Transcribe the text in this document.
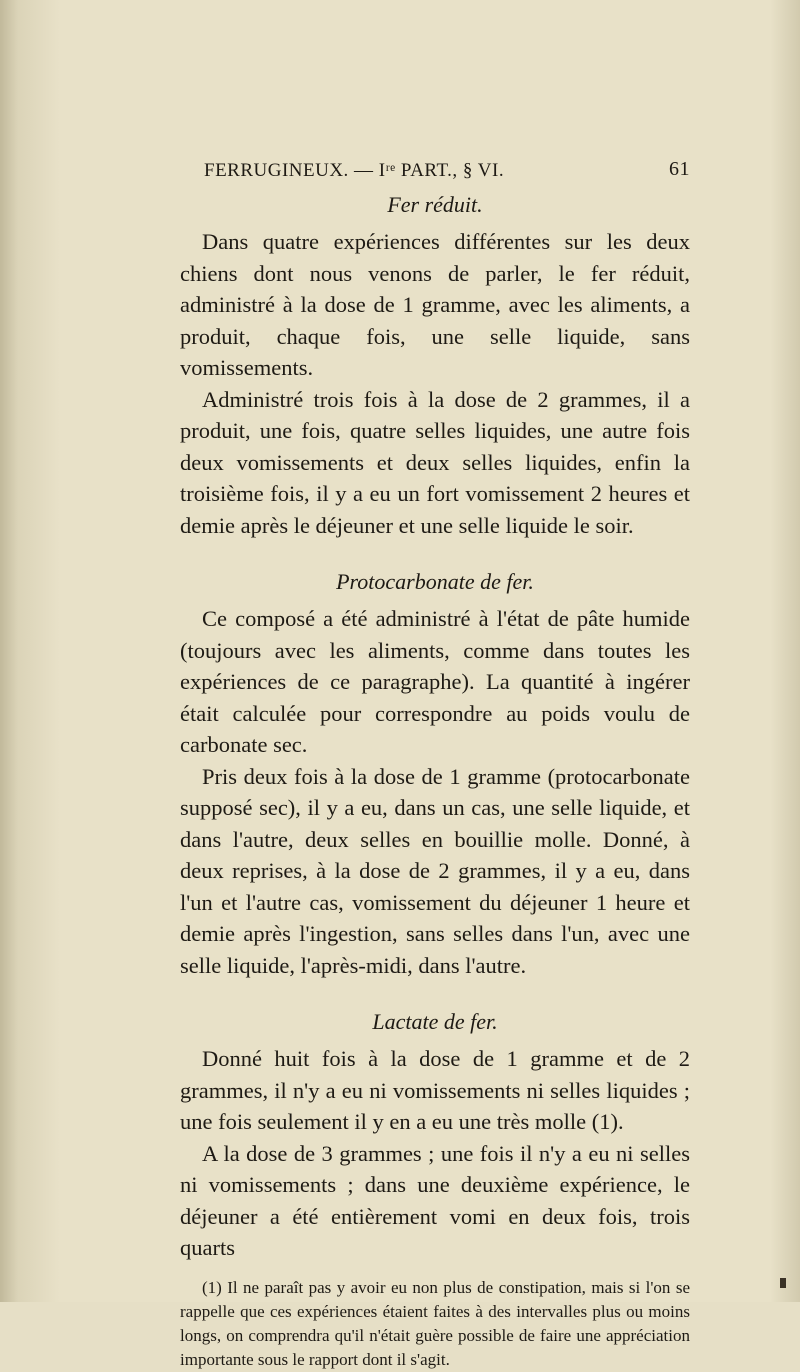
FERRUGINEUX. — Iʳᵉ PART., § VI.	61
Fer réduit.

Dans quatre expériences différentes sur les deux chiens dont nous venons de parler, le fer réduit, administré à la dose de 1 gramme, avec les aliments, a produit, chaque fois, une selle liquide, sans vomissements.

Administré trois fois à la dose de 2 grammes, il a produit, une fois, quatre selles liquides, une autre fois deux vomissements et deux selles liquides, enfin la troisième fois, il y a eu un fort vomissement 2 heures et demie après le déjeuner et une selle liquide le soir.

Protocarbonate de fer.

Ce composé a été administré à l'état de pâte humide (toujours avec les aliments, comme dans toutes les expériences de ce paragraphe). La quantité à ingérer était calculée pour correspondre au poids voulu de carbonate sec.

Pris deux fois à la dose de 1 gramme (protocarbonate supposé sec), il y a eu, dans un cas, une selle liquide, et dans l'autre, deux selles en bouillie molle. Donné, à deux reprises, à la dose de 2 grammes, il y a eu, dans l'un et l'autre cas, vomissement du déjeuner 1 heure et demie après l'ingestion, sans selles dans l'un, avec une selle liquide, l'après-midi, dans l'autre.

Lactate de fer.

Donné huit fois à la dose de 1 gramme et de 2 grammes, il n'y a eu ni vomissements ni selles liquides ; une fois seulement il y en a eu une très molle (1).

A la dose de 3 grammes ; une fois il n'y a eu ni selles ni vomissements ; dans une deuxième expérience, le déjeuner a été entièrement vomi en deux fois, trois quarts

(1) Il ne paraît pas y avoir eu non plus de constipation, mais si l'on se rappelle que ces expériences étaient faites à des intervalles plus ou moins longs, on comprendra qu'il n'était guère possible de faire une appréciation importante sous le rapport dont il s'agit.
